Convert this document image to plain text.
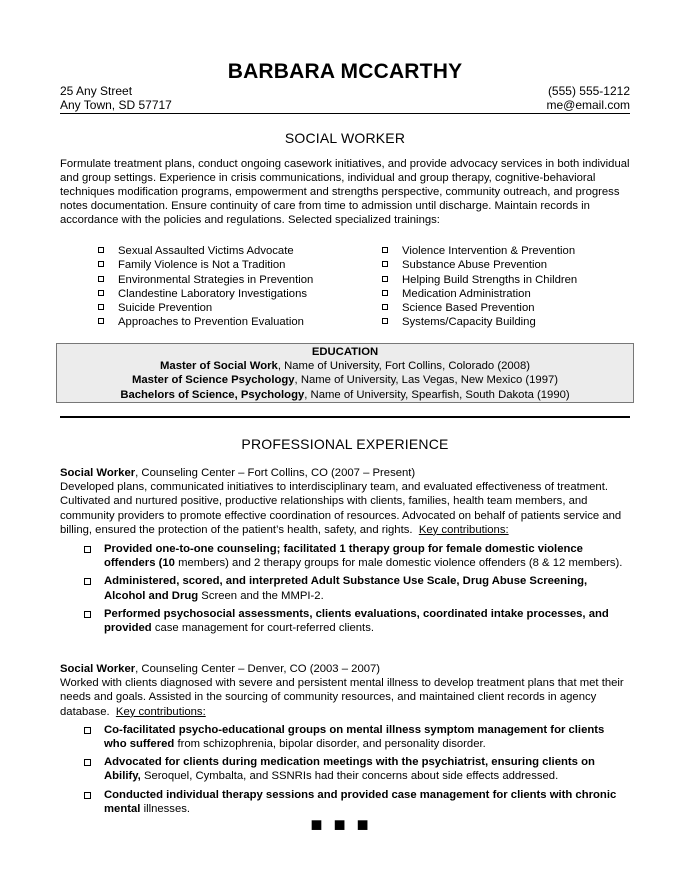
BARBARA MCCARTHY
25 Any Street
Any Town, SD 57717
(555) 555-1212
me@email.com
SOCIAL WORKER
Formulate treatment plans, conduct ongoing casework initiatives, and provide advocacy services in both individual and group settings. Experience in crisis communications, individual and group therapy, cognitive-behavioral techniques modification programs, empowerment and strengths perspective, community outreach, and progress notes documentation. Ensure continuity of care from time to admission until discharge. Maintain records in accordance with the policies and regulations. Selected specialized trainings:
Sexual Assaulted Victims Advocate
Family Violence is Not a Tradition
Environmental Strategies in Prevention
Clandestine Laboratory Investigations
Suicide Prevention
Approaches to Prevention Evaluation
Violence Intervention & Prevention
Substance Abuse Prevention
Helping Build Strengths in Children
Medication Administration
Science Based Prevention
Systems/Capacity Building
EDUCATION
Master of Social Work, Name of University, Fort Collins, Colorado (2008)
Master of Science Psychology, Name of University, Las Vegas, New Mexico (1997)
Bachelors of Science, Psychology, Name of University, Spearfish, South Dakota (1990)
PROFESSIONAL EXPERIENCE

Social Worker, Counseling Center – Fort Collins, CO (2007 – Present)

Developed plans, communicated initiatives to interdisciplinary team, and evaluated effectiveness of treatment. Cultivated and nurtured positive, productive relationships with clients, families, health team members, and community providers to promote effective coordination of resources. Advocated on behalf of patients service and billing, ensured the protection of the patient’s health, safety, and rights. Key contributions:

Provided one-to-one counseling; facilitated 1 therapy group for female domestic violence offenders (10 members) and 2 therapy groups for male domestic violence offenders (8 & 12 members).
Administered, scored, and interpreted Adult Substance Use Scale, Drug Abuse Screening, Alcohol and Drug Screen and the MMPI-2.
Performed psychosocial assessments, clients evaluations, coordinated intake processes, and provided case management for court-referred clients.

Social Worker, Counseling Center – Denver, CO (2003 – 2007)

Worked with clients diagnosed with severe and persistent mental illness to develop treatment plans that met their needs and goals. Assisted in the sourcing of community resources, and maintained client records in agency database. Key contributions:

Co-facilitated psycho-educational groups on mental illness symptom management for clients who suffered from schizophrenia, bipolar disorder, and personality disorder.
Advocated for clients during medication meetings with the psychiatrist, ensuring clients on Abilify, Seroquel, Cymbalta, and SSNRIs had their concerns about side effects addressed.
Conducted individual therapy sessions and provided case management for clients with chronic mental illnesses.
■■■
